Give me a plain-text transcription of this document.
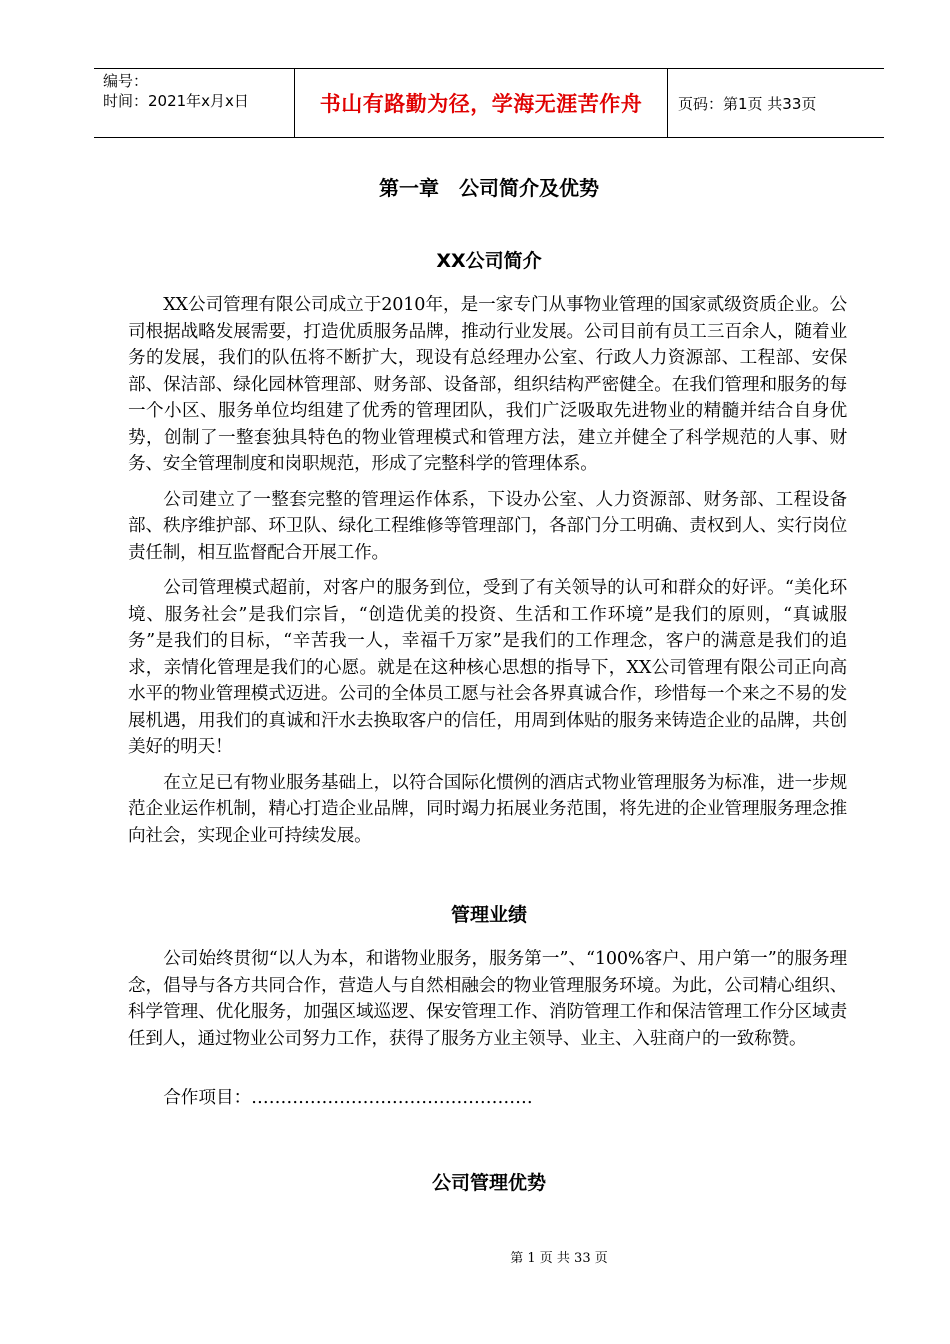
编号：
时间：2021年x月x日	书山有路勤为径，学海无涯苦作舟	页码：第1页 共33页
第一章　公司简介及优势
XX公司简介

XX公司管理有限公司成立于2010年，是一家专门从事物业管理的国家贰级资质企业。公司根据战略发展需要，打造优质服务品牌，推动行业发展。公司目前有员工三百余人，随着业务的发展，我们的队伍将不断扩大，现设有总经理办公室、行政人力资源部、工程部、安保部、保洁部、绿化园林管理部、财务部、设备部，组织结构严密健全。在我们管理和服务的每一个小区、服务单位均组建了优秀的管理团队，我们广泛吸取先进物业的精髓并结合自身优势，创制了一整套独具特色的物业管理模式和管理方法，建立并健全了科学规范的人事、财务、安全管理制度和岗职规范，形成了完整科学的管理体系。

公司建立了一整套完整的管理运作体系，下设办公室、人力资源部、财务部、工程设备部、秩序维护部、环卫队、绿化工程维修等管理部门，各部门分工明确、责权到人、实行岗位责任制，相互监督配合开展工作。

公司管理模式超前，对客户的服务到位，受到了有关领导的认可和群众的好评。“美化环境、服务社会”是我们宗旨，“创造优美的投资、生活和工作环境”是我们的原则，“真诚服务”是我们的目标，“辛苦我一人，幸福千万家”是我们的工作理念，客户的满意是我们的追求，亲情化管理是我们的心愿。就是在这种核心思想的指导下，XX公司管理有限公司正向高水平的物业管理模式迈进。公司的全体员工愿与社会各界真诚合作，珍惜每一个来之不易的发展机遇，用我们的真诚和汗水去换取客户的信任，用周到体贴的服务来铸造企业的品牌，共创美好的明天！

在立足已有物业服务基础上，以符合国际化惯例的酒店式物业管理服务为标准，进一步规范企业运作机制，精心打造企业品牌，同时竭力拓展业务范围，将先进的企业管理服务理念推向社会，实现企业可持续发展。

管理业绩

公司始终贯彻“以人为本，和谐物业服务，服务第一”、“100%客户、用户第一”的服务理念，倡导与各方共同合作，营造人与自然相融会的物业管理服务环境。为此，公司精心组织、科学管理、优化服务，加强区域巡逻、保安管理工作、消防管理工作和保洁管理工作分区域责任到人，通过物业公司努力工作，获得了服务方业主领导、业主、入驻商户的一致称赞。

合作项目：…………………………………………
公司管理优势
第 1 页 共 33 页
